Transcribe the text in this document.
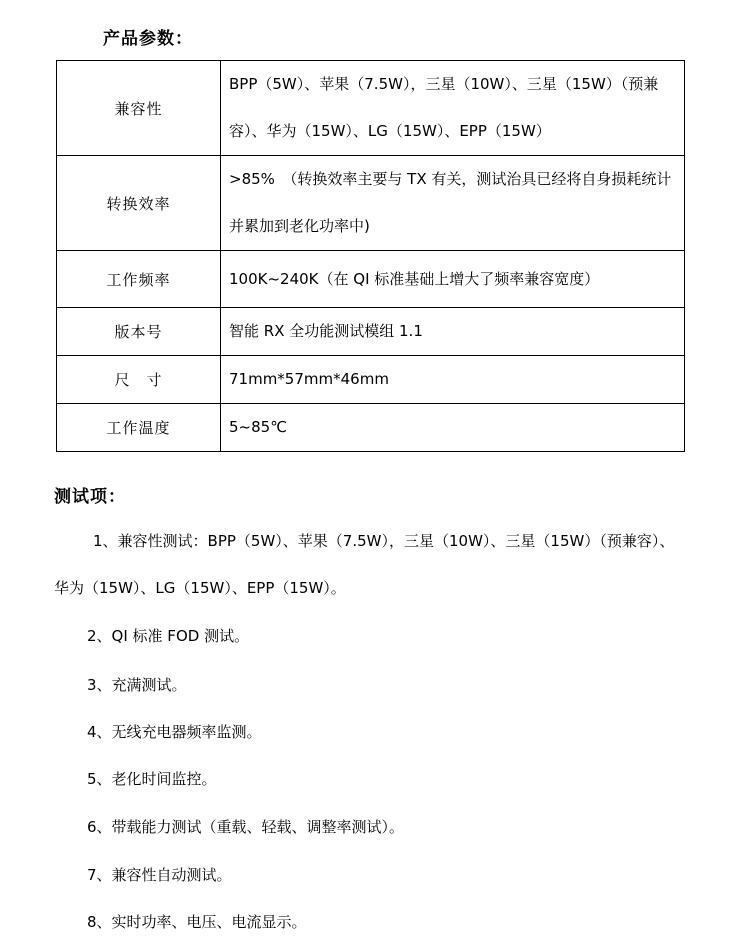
产品参数：
兼容性	BPP（5W）、苹果（7.5W），三星（10W）、三星（15W）（预兼容）、华为（15W）、LG（15W）、EPP（15W）
转换效率	>85%　（转换效率主要与 TX 有关，测试治具已经将自身损耗统计并累加到老化功率中)
工作频率	100K~240K（在 QI 标准基础上增大了频率兼容宽度）
版本号	智能 RX 全功能测试模组 1.1
尺　寸	71mm*57mm*46mm
工作温度	5~85℃
测试项：
1、兼容性测试：BPP（5W）、苹果（7.5W），三星（10W）、三星（15W）（预兼容）、
华为（15W）、LG（15W）、EPP（15W）。
2、QI 标准 FOD 测试。
3、充满测试。
4、无线充电器频率监测。
5、老化时间监控。
6、带载能力测试（重载、轻载、调整率测试）。
7、兼容性自动测试。
8、实时功率、电压、电流显示。
